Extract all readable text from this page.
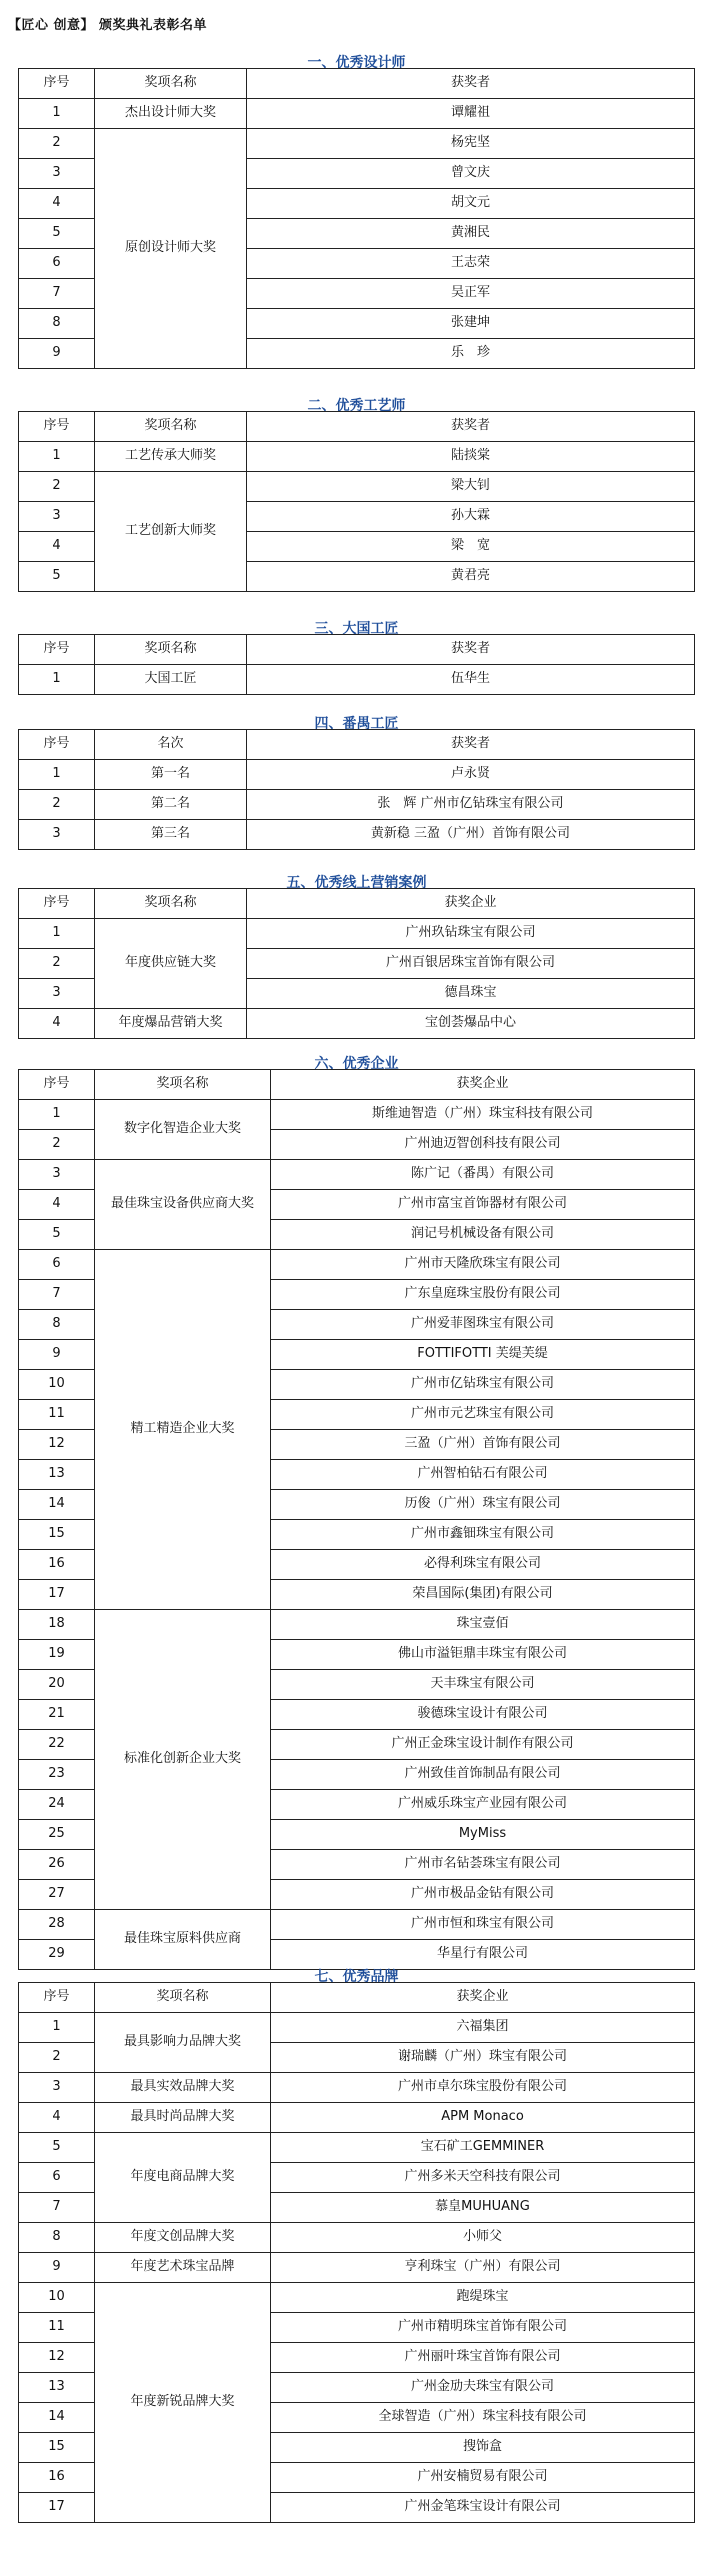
【匠心 创意】 颁奖典礼表彰名单
一、优秀设计师
序号	奖项名称	获奖者
1	杰出设计师大奖	谭耀祖
2	原创设计师大奖	杨宪坚
3		曾文庆
4		胡文元
5		黄湘民
6		王志荣
7		吴正军
8		张建坤
9		乐　珍
二、优秀工艺师
序号	奖项名称	获奖者
1	工艺传承大师奖	陆掞棠
2	工艺创新大师奖	梁大钊
3		孙大霖
4		梁　宽
5		黄君亮
三、大国工匠
序号	奖项名称	获奖者
1	大国工匠	伍华生
四、番禺工匠
序号	名次	获奖者
1	第一名	卢永贤
2	第二名	张　辉 广州市亿钻珠宝有限公司
3	第三名	黄新稳 三盈（广州）首饰有限公司
五、优秀线上营销案例
序号	奖项名称	获奖企业
1	年度供应链大奖	广州玖钻珠宝有限公司
2		广州百银居珠宝首饰有限公司
3		德昌珠宝
4	年度爆品营销大奖	宝创荟爆品中心
六、优秀企业
序号	奖项名称	获奖企业
1	数字化智造企业大奖	斯维迪智造（广州）珠宝科技有限公司
2		广州迪迈智创科技有限公司
3	最佳珠宝设备供应商大奖	陈广记（番禺）有限公司
4		广州市富宝首饰器材有限公司
5		润记号机械设备有限公司
6	精工精造企业大奖	广州市天隆欣珠宝有限公司
7		广东皇庭珠宝股份有限公司
8		广州爱菲图珠宝有限公司
9		FOTTIFOTTI 芙缇芙缇
10		广州市亿钻珠宝有限公司
11		广州市元艺珠宝有限公司
12		三盈（广州）首饰有限公司
13		广州智柏钻石有限公司
14		历俊（广州）珠宝有限公司
15		广州市鑫钿珠宝有限公司
16		必得利珠宝有限公司
17		荣昌国际(集团)有限公司
18	标准化创新企业大奖	珠宝壹佰
19		佛山市溢钜鼎丰珠宝有限公司
20		天丰珠宝有限公司
21		骏德珠宝设计有限公司
22		广州正金珠宝设计制作有限公司
23		广州致佳首饰制品有限公司
24		广州威乐珠宝产业园有限公司
25		MyMiss
26		广州市名钻荟珠宝有限公司
27		广州市极品金钻有限公司
28	最佳珠宝原料供应商	广州市恒和珠宝有限公司
29		华星行有限公司
七、优秀品牌
序号	奖项名称	获奖企业
1	最具影响力品牌大奖	六福集团
2		谢瑞麟（广州）珠宝有限公司
3	最具实效品牌大奖	广州市卓尔珠宝股份有限公司
4	最具时尚品牌大奖	APM Monaco
5	年度电商品牌大奖	宝石矿工GEMMINER
6		广州多米天空科技有限公司
7		慕皇MUHUANG
8	年度文创品牌大奖	小师父
9	年度艺术珠宝品牌	亨利珠宝（广州）有限公司
10	年度新锐品牌大奖	跑缇珠宝
11		广州市精明珠宝首饰有限公司
12		广州丽叶珠宝首饰有限公司
13		广州金劢夫珠宝有限公司
14		全球智造（广州）珠宝科技有限公司
15		搜饰盒
16		广州安楠贸易有限公司
17		广州金笔珠宝设计有限公司
